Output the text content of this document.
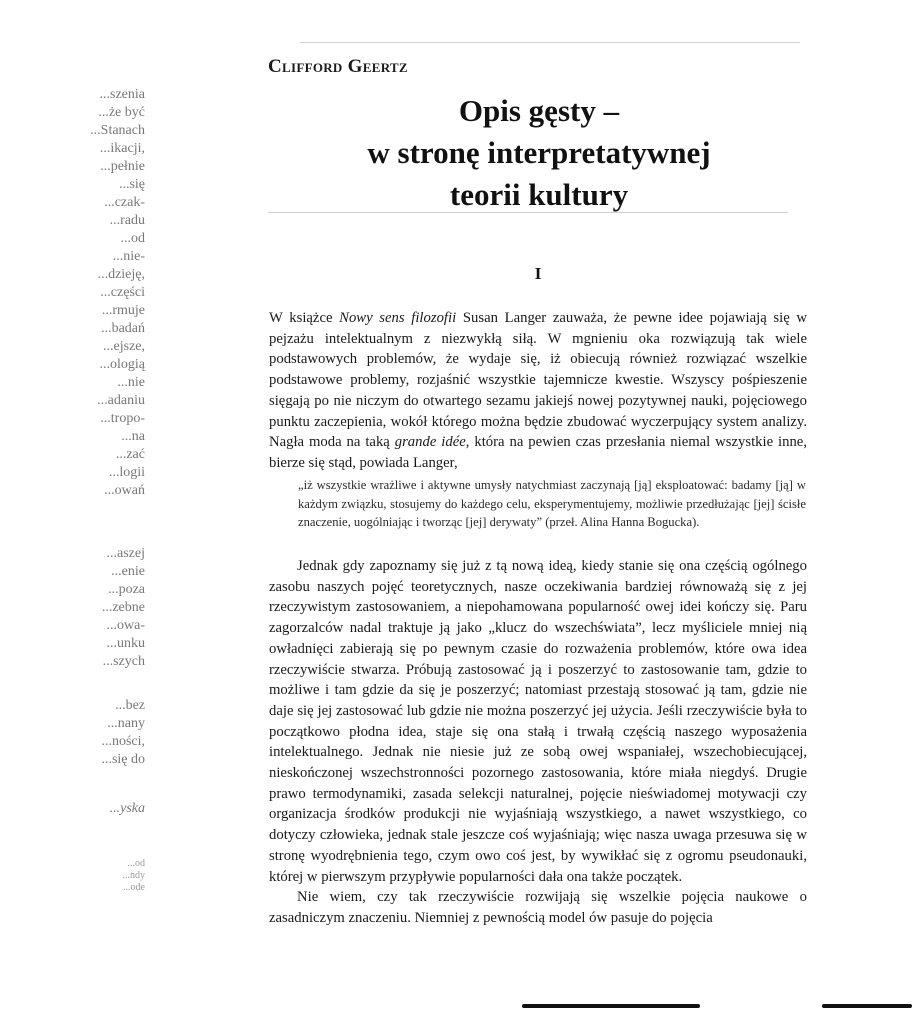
...szenia
...że być
...Stanach
...ikacji,
...pełnie
...się
...czak-
...radu
...od
...nie-
...dzieję,
...części
...rmuje
...badań
...ejsze,
...ologią
...nie
...adaniu
...tropo-
...na
...zać
...logii
...owań
...aszej
...enie
...poza
...zebne
...owa-
...unku
...szych
...bez
...nany
...ności,
...się do
...yska
...od
...ndy
...ode
Clifford Geertz
Opis gęsty –
w stronę interpretatywnej
teorii kultury
I

W książce Nowy sens filozofii Susan Langer zauważa, że pewne idee pojawiają się w pejzażu intelektualnym z niezwykłą siłą. W mgnieniu oka rozwiązują tak wiele podstawowych problemów, że wydaje się, iż obiecują również rozwiązać wszelkie podstawowe problemy, rozjaśnić wszystkie tajemnicze kwestie. Wszyscy pośpieszenie sięgają po nie niczym do otwartego sezamu jakiejś nowej pozytywnej nauki, pojęciowego punktu zaczepienia, wokół którego można będzie zbudować wyczerpujący system analizy. Nagła moda na taką grande idée, która na pewien czas przesłania niemal wszystkie inne, bierze się stąd, powiada Langer,

„iż wszystkie wrażliwe i aktywne umysły natychmiast zaczynają [ją] eksploatować: badamy [ją] w każdym związku, stosujemy do każdego celu, eksperymentujemy, możliwie przedłużając [jej] ścisłe znaczenie, uogólniając i tworząc [jej] derywaty” (przeł. Alina Hanna Bogucka).

Jednak gdy zapoznamy się już z tą nową ideą, kiedy stanie się ona częścią ogólnego zasobu naszych pojęć teoretycznych, nasze oczekiwania bardziej równoważą się z jej rzeczywistym zastosowaniem, a niepohamowana popularność owej idei kończy się. Paru zagorzalców nadal traktuje ją jako „klucz do wszechświata”, lecz myśliciele mniej nią owładnięci zabierają się po pewnym czasie do rozważenia problemów, które owa idea rzeczywiście stwarza. Próbują zastosować ją i poszerzyć to zastosowanie tam, gdzie to możliwe i tam gdzie da się je poszerzyć; natomiast przestają stosować ją tam, gdzie nie daje się jej zastosować lub gdzie nie można poszerzyć jej użycia. Jeśli rzeczywiście była to początkowo płodna idea, staje się ona stałą i trwałą częścią naszego wyposażenia intelektualnego. Jednak nie niesie już ze sobą owej wspaniałej, wszechobiecującej, nieskończonej wszechstronności pozornego zastosowania, które miała niegdyś. Drugie prawo termodynamiki, zasada selekcji naturalnej, pojęcie nieświadomej motywacji czy organizacja środków produkcji nie wyjaśniają wszystkiego, a nawet wszystkiego, co dotyczy człowieka, jednak stale jeszcze coś wyjaśniają; więc nasza uwaga przesuwa się w stronę wyodrębnienia tego, czym owo coś jest, by wywikłać się z ogromu pseudonauki, której w pierwszym przypływie popularności dała ona także początek.

Nie wiem, czy tak rzeczywiście rozwijają się wszelkie pojęcia naukowe o zasadniczym znaczeniu. Niemniej z pewnością model ów pasuje do pojęcia
